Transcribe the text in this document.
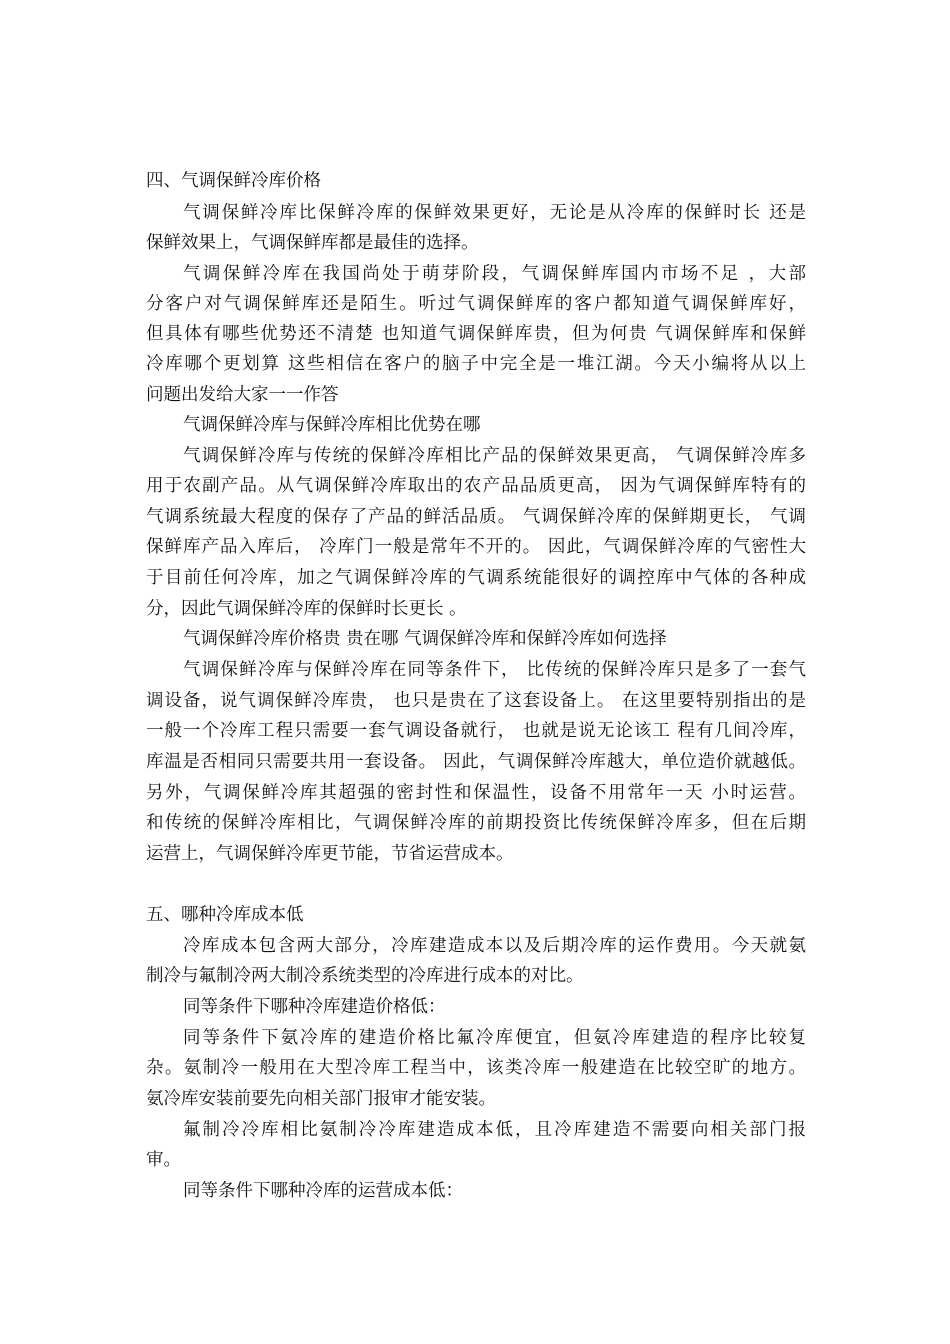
四、气调保鲜冷库价格
气调保鲜冷库比保鲜冷库的保鲜效果更好，无论是从冷库的保鲜时长 还是
保鲜效果上，气调保鲜库都是最佳的选择。
气调保鲜冷库在我国尚处于萌芽阶段，气调保鲜库国内市场不足 ，大部
分客户对气调保鲜库还是陌生。听过气调保鲜库的客户都知道气调保鲜库好，
但具体有哪些优势还不清楚 也知道气调保鲜库贵，但为何贵 气调保鲜库和保鲜
冷库哪个更划算 这些相信在客户的脑子中完全是一堆江湖。今天小编将从以上
问题出发给大家一一作答
气调保鲜冷库与保鲜冷库相比优势在哪
气调保鲜冷库与传统的保鲜冷库相比产品的保鲜效果更高， 气调保鲜冷库多
用于农副产品。从气调保鲜冷库取出的农产品品质更高， 因为气调保鲜库特有的
气调系统最大程度的保存了产品的鲜活品质。 气调保鲜冷库的保鲜期更长， 气调
保鲜库产品入库后， 冷库门一般是常年不开的。 因此，气调保鲜冷库的气密性大
于目前任何冷库，加之气调保鲜冷库的气调系统能很好的调控库中气体的各种成
分，因此气调保鲜冷库的保鲜时长更长 。
气调保鲜冷库价格贵 贵在哪 气调保鲜冷库和保鲜冷库如何选择
气调保鲜冷库与保鲜冷库在同等条件下， 比传统的保鲜冷库只是多了一套气
调设备，说气调保鲜冷库贵， 也只是贵在了这套设备上。 在这里要特别指出的是
一般一个冷库工程只需要一套气调设备就行， 也就是说无论该工 程有几间冷库，
库温是否相同只需要共用一套设备。 因此，气调保鲜冷库越大，单位造价就越低。
另外，气调保鲜冷库其超强的密封性和保温性，设备不用常年一天 小时运营。
和传统的保鲜冷库相比，气调保鲜冷库的前期投资比传统保鲜冷库多，但在后期
运营上，气调保鲜冷库更节能，节省运营成本。
五、哪种冷库成本低
冷库成本包含两大部分，冷库建造成本以及后期冷库的运作费用。今天就氨
制冷与氟制冷两大制冷系统类型的冷库进行成本的对比。
同等条件下哪种冷库建造价格低：
同等条件下氨冷库的建造价格比氟冷库便宜，但氨冷库建造的程序比较复
杂。氨制冷一般用在大型冷库工程当中，该类冷库一般建造在比较空旷的地方。
氨冷库安装前要先向相关部门报审才能安装。
氟制冷冷库相比氨制冷冷库建造成本低，且冷库建造不需要向相关部门报
审。
同等条件下哪种冷库的运营成本低：
